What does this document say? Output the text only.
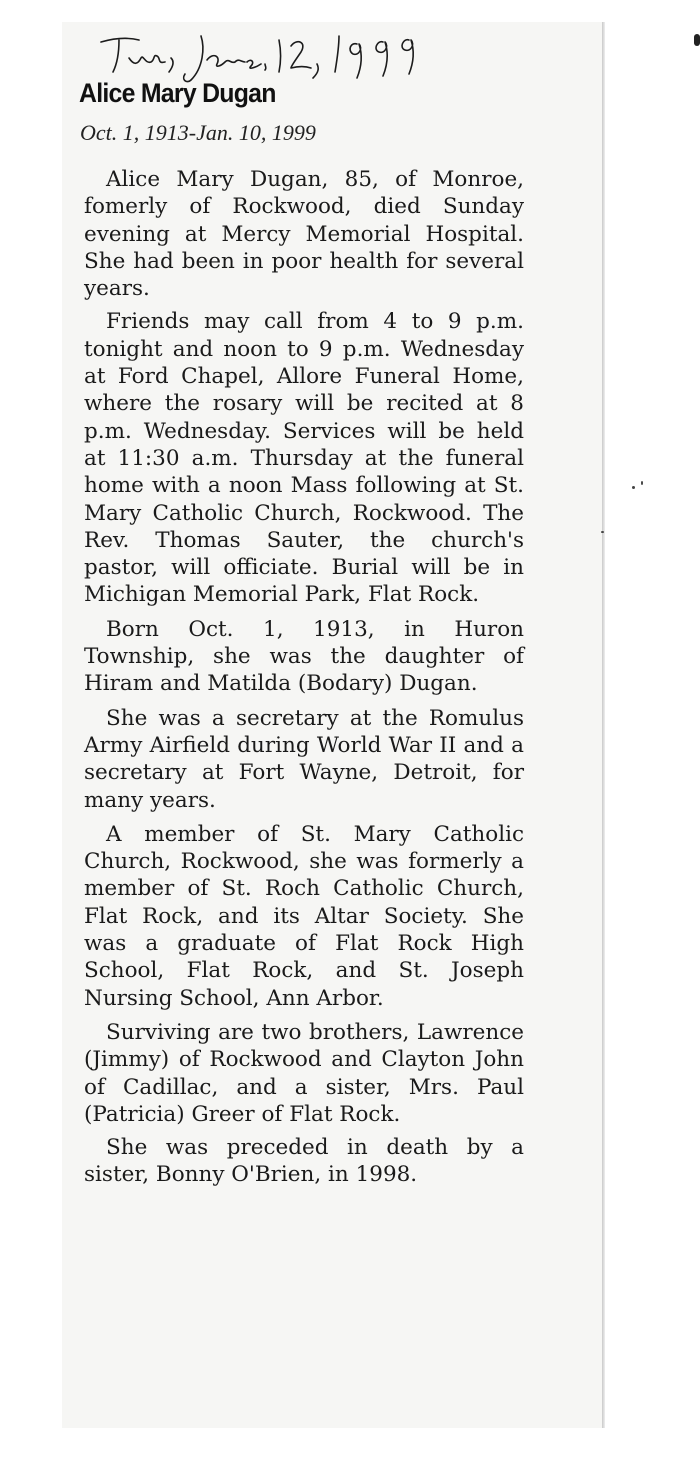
Alice Mary Dugan
Oct. 1, 1913-Jan. 10, 1999

Alice Mary Dugan, 85, of Monroe, fomerly of Rockwood, died Sunday evening at Mercy Memorial Hospital. She had been in poor health for several years.

Friends may call from 4 to 9 p.m. tonight and noon to 9 p.m. Wednesday at Ford Chapel, Allore Funeral Home, where the rosary will be recited at 8 p.m. Wednesday. Services will be held at 11:30 a.m. Thursday at the funeral home with a noon Mass following at St. Mary Catholic Church, Rockwood. The Rev. Thomas Sauter, the church's pastor, will officiate. Burial will be in Michigan Memorial Park, Flat Rock.

Born Oct. 1, 1913, in Huron Township, she was the daughter of Hiram and Matilda (Bodary) Dugan.

She was a secretary at the Romulus Army Airfield during World War II and a secretary at Fort Wayne, Detroit, for many years.

A member of St. Mary Catholic Church, Rockwood, she was formerly a member of St. Roch Catholic Church, Flat Rock, and its Altar Society. She was a graduate of Flat Rock High School, Flat Rock, and St. Joseph Nursing School, Ann Arbor.

Surviving are two brothers, Lawrence (Jimmy) of Rockwood and Clayton John of Cadillac, and a sister, Mrs. Paul (Patricia) Greer of Flat Rock.

She was preceded in death by a sister, Bonny O'Brien, in 1998.
